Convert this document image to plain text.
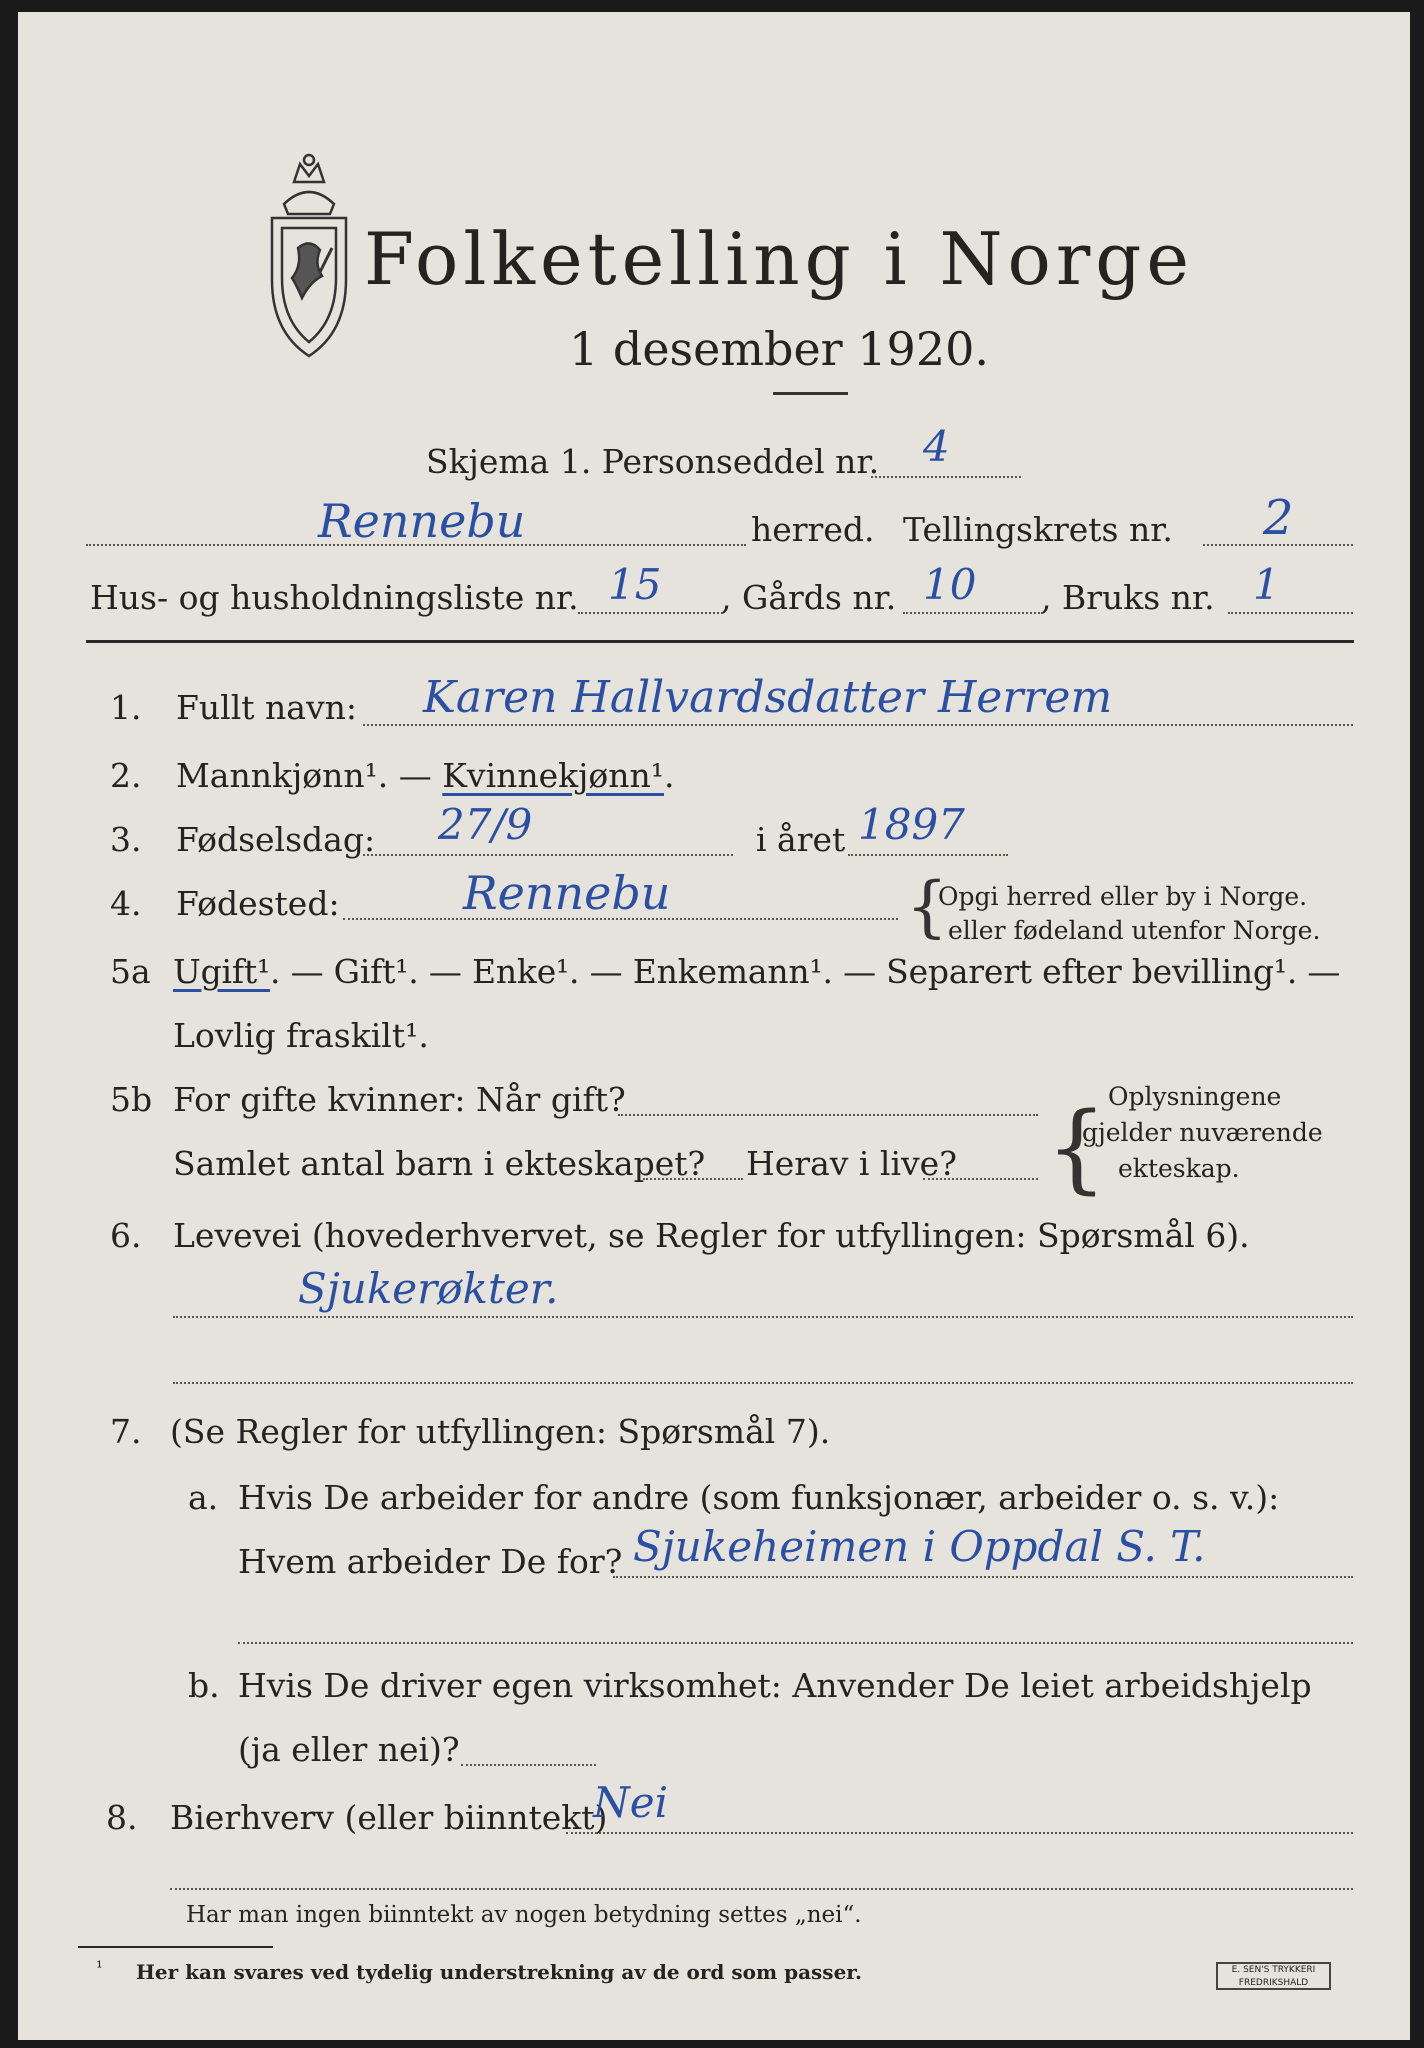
Folketelling i Norge
1 desember 1920.
Skjema 1. Personseddel nr. 4
Rennebu	herred. Tellingskrets nr. 2
Hus- og husholdningsliste nr. 15 , Gårds nr. 10 , Bruks nr. 1
1. Fullt navn: Karen Hallvardsdatter Herrem
2. Mannkjønn¹. — Kvinnekjønn¹.
3. Fødselsdag: 27/9	i året 1897
4. Fødested:	Rennebu	{
Opgi herred eller by i Norge.
eller fødeland utenfor Norge.
5a Ugift¹. — Gift¹. — Enke¹. — Enkemann¹. — Separert efter bevilling¹. —
Lovlig fraskilt¹.
5b For gifte kvinner: Når gift?
Samlet antal barn i ekteskapet? Herav i live? { Oplysningene
gjelder nuværende
ekteskap.
6. Levevei (hovederhvervet, se Regler for utfyllingen: Spørsmål 6).
Sjukerøkter.
7. (Se Regler for utfyllingen: Spørsmål 7).
a. Hvis De arbeider for andre (som funksjonær, arbeider o. s. v.):
Hvem arbeider De for? Sjukeheimen i Oppdal S. T.
b. Hvis De driver egen virksomhet: Anvender De leiet arbeidshjelp
(ja eller nei)?
8. Bierhverv (eller biinntekt)
Nei
Har man ingen biinntekt av nogen betydning settes „nei“.
¹ Her kan svares ved tydelig understrekning av de ord som passer.	E. SEN'S TRYKKERI
FREDRIKSHALD
